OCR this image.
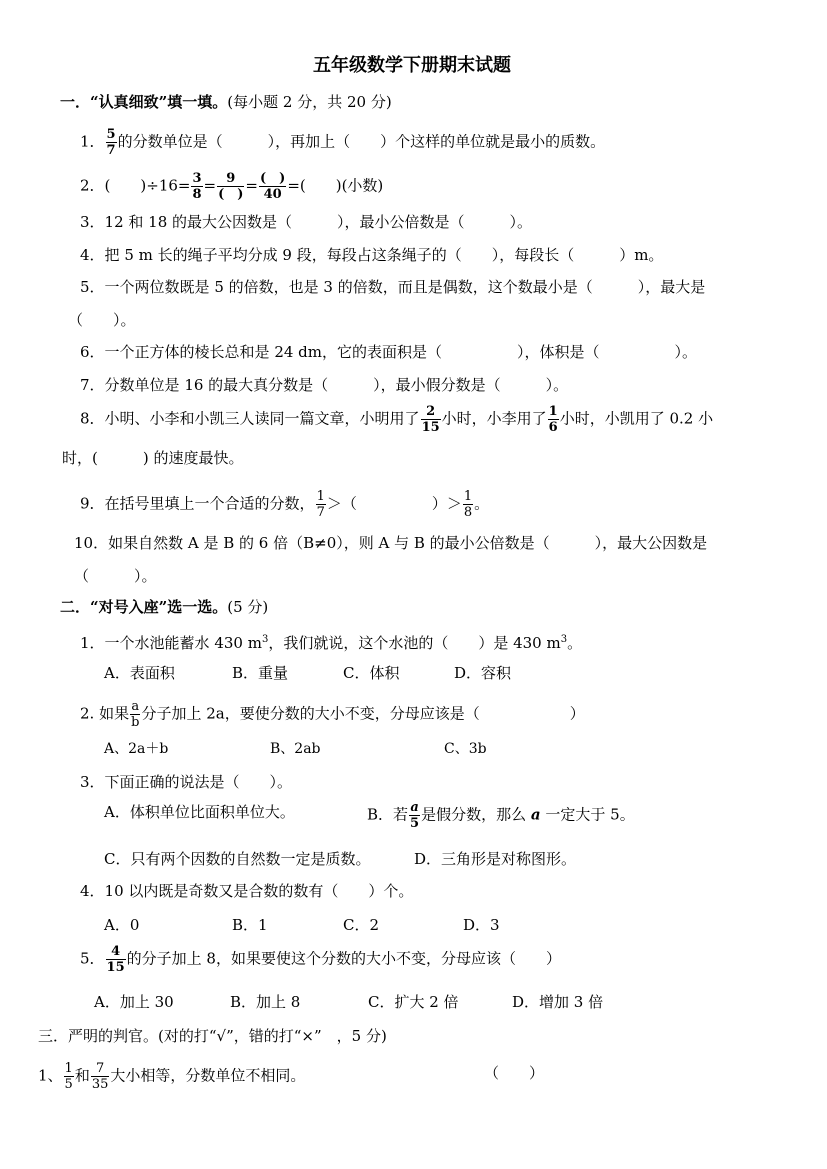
五年级数学下册期末试题
一．“认真细致”填一填。(每小题 2 分，共 20 分)
1． $\frac{5}{7}$ 的分数单位是（　　　），再加上（　　）个这样的单位就是最小的质数。
2．(　　)$\div 16= \frac{3}{8} = \frac{9}{( )} = \frac{( )}{40}$ =(　　)(小数)
3．12 和 18 的最大公因数是（　　　），最小公倍数是（　　　）。
4．把 5 m 长的绳子平均分成 9 段，每段占这条绳子的（　　），每段长（　　　）m。
5．一个两位数既是 5 的倍数，也是 3 的倍数，而且是偶数，这个数最小是（　　　），最大是
（　　）。
6．一个正方体的棱长总和是 24 dm，它的表面积是（　　　　　），体积是（　　　　　）。
7．分数单位是 16 的最大真分数是（　　　），最小假分数是（　　　）。
8．小明、小李和小凯三人读同一篇文章，小明用了 $\frac{2}{15}$ 小时，小李用了 $\frac{1}{6}$ 小时，小凯用了 0.2 小
时，(　　　) 的速度最快。
9．在括号里填上一个合适的分数， $\frac{1}{7}$ ＞（　　　　　）＞ $\frac{1}{8}$ 。
10．如果自然数 A 是 B 的 6 倍（B≠0），则 A 与 B 的最小公倍数是（　　　），最大公因数是
（　　　）。
二．“对号入座”选一选。(5 分)
1．一个水池能蓄水 430 $m^3$，我们就说，这个水池的（　　）是 430 $m^3$。
A．表面积	B．重量	C．体积	D．容积
2. 如果 $\frac{a}{b}$ 分子加上 2a，要使分数的大小不变，分母应该是（　　　　　　）
A、2a＋b	B、2ab	C、3b
3．下面正确的说法是（　　）。
A．体积单位比面积单位大。	B．若 $\frac{a}{5}$ 是假分数，那么 a 一定大于 5。
C．只有两个因数的自然数一定是质数。	D．三角形是对称图形。
4．10 以内既是奇数又是合数的数有（　　）个。
A．0	B．1	C．2	D．3
5． $\frac{4}{15}$ 的分子加上 8，如果要使这个分数的大小不变，分母应该（　　）
A．加上 30	B．加上 8	C．扩大 2 倍	D．增加 3 倍
三．严明的判官。(对的打“√”，错的打“×”　，5 分)
1、 $\frac{1}{5}$ 和 $\frac{7}{35}$ 大小相等，分数单位不相同。	（　　）
